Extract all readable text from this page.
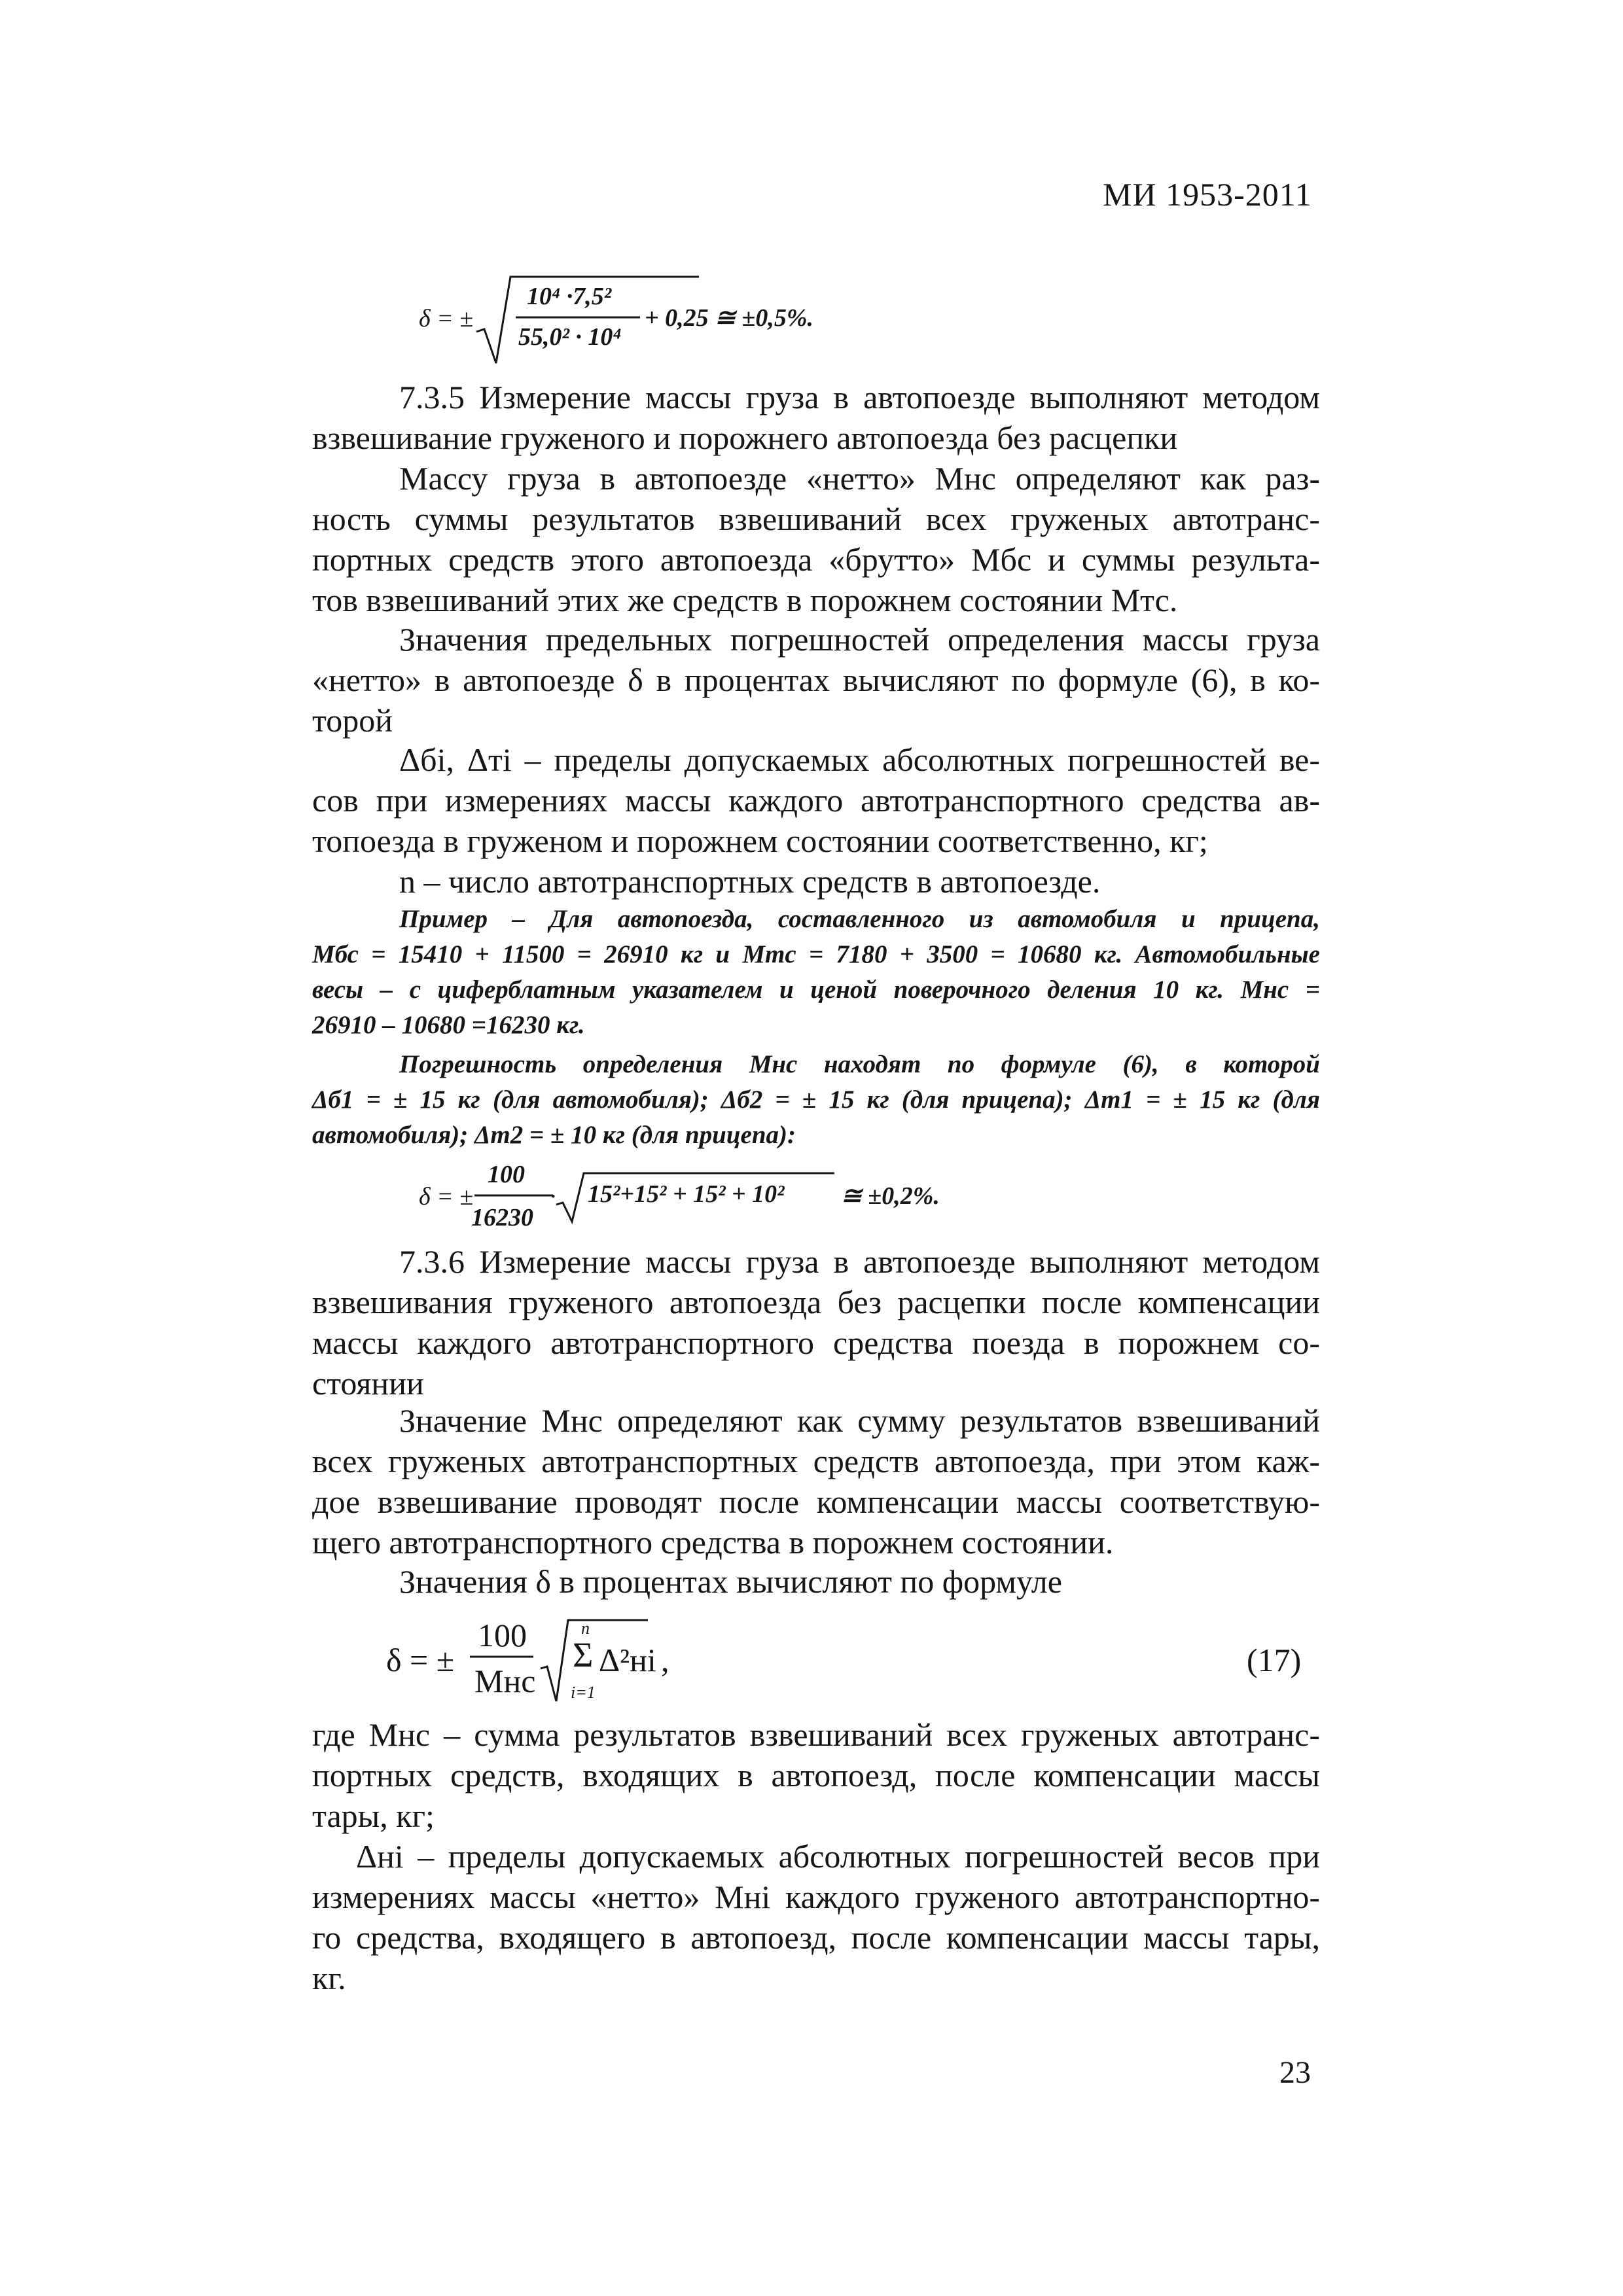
МИ 1953-2011
δ = ±
10⁴ ·7,5²
55,0² · 10⁴
+ 0,25 ≅ ±0,5%.
7.3.5 Измерение массы груза в автопоезде выполняют методом
взвешивание груженого и порожнего автопоезда без расцепки
Массу груза в автопоезде «нетто» Mнс определяют как раз-
ность суммы результатов взвешиваний всех груженых автотранс-
портных средств этого автопоезда «брутто» Mбс и суммы результа-
тов взвешиваний этих же средств в порожнем состоянии Mтс.
Значения предельных погрешностей определения массы груза
«нетто» в автопоезде δ в процентах вычисляют по формуле (6), в ко-
торой
Δбi, Δтi – пределы допускаемых абсолютных погрешностей ве-
сов при измерениях массы каждого автотранспортного средства ав-
топоезда в груженом и порожнем состоянии соответственно, кг;
n – число автотранспортных средств в автопоезде.
Пример – Для автопоезда, составленного из автомобиля и прицепа,
Mбс = 15410 + 11500 = 26910 кг и Mтс = 7180 + 3500 = 10680 кг. Автомобильные
весы – с циферблатным указателем и ценой поверочного деления 10 кг. Mнс =
26910 – 10680 =16230 кг.
Погрешность определения Mнс находят по формуле (6), в которой
Δб1 = ± 15 кг (для автомобиля); Δб2 = ± 15 кг (для прицепа); Δт1 = ± 15 кг (для
автомобиля); Δт2 = ± 10 кг (для прицепа):
δ = ±
100
16230
· 15²+15² + 15² + 10² ≅ ±0,2%.
7.3.6 Измерение массы груза в автопоезде выполняют методом
взвешивания груженого автопоезда без расцепки после компенсации
массы каждого автотранспортного средства поезда в порожнем со-
стоянии
Значение Mнс определяют как сумму результатов взвешиваний
всех груженых автотранспортных средств автопоезда, при этом каж-
дое взвешивание проводят после компенсации массы соответствую-
щего автотранспортного средства в порожнем состоянии.
Значения δ в процентах вычисляют по формуле
δ = ±
100
Mнс
n
Σ
i=1
Δ²нi ,	(17)
где Mнс – сумма результатов взвешиваний всех груженых автотранс-
портных средств, входящих в автопоезд, после компенсации массы
тары, кг;
Δнi – пределы допускаемых абсолютных погрешностей весов при
измерениях массы «нетто» Mнi каждого груженого автотранспортно-
го средства, входящего в автопоезд, после компенсации массы тары,
кг.
23
